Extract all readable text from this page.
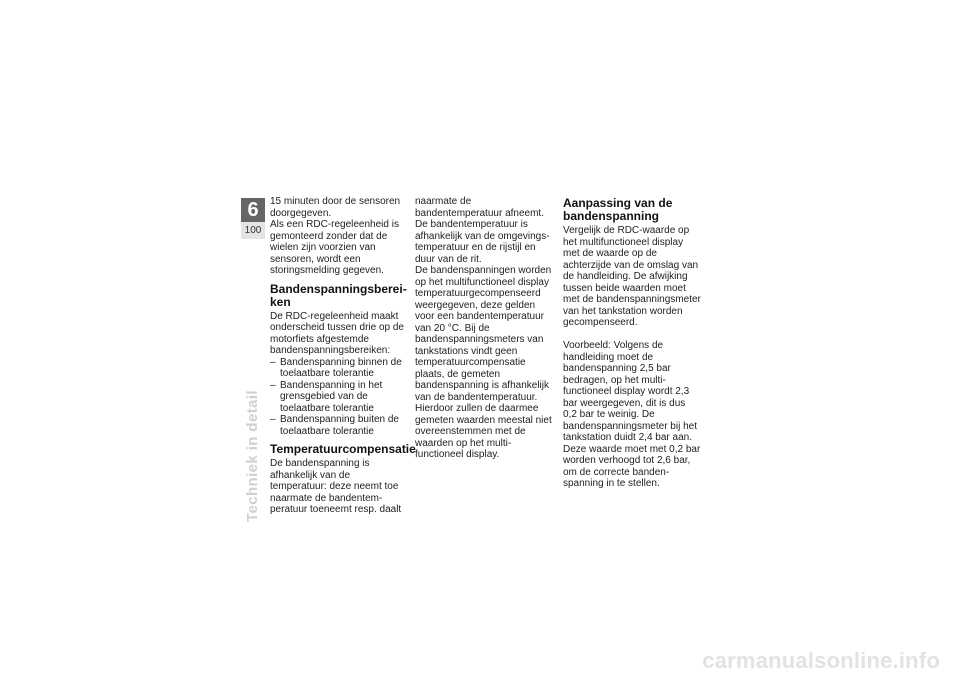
6
100
Techniek in detail

15 minuten door de sensoren doorgegeven.

Als een RDC-regeleenheid is gemonteerd zonder dat de wielen zijn voorzien van sensoren, wordt een storingsmelding gegeven.

Bandenspanningsbereiken

De RDC-regeleenheid maakt onderscheid tussen drie op de motorfiets afgestemde bandenspanningsbereiken:

– Bandenspanning binnen de toelaatbare tolerantie
– Bandenspanning in het grensgebied van de toelaatbare tolerantie
– Bandenspanning buiten de toelaatbare tolerantie
Temperatuurcompensatie

De bandenspanning is afhankelijk van de temperatuur: deze neemt toe naarmate de bandentemperatuur toeneemt resp. daalt

naarmate de bandentemperatuur afneemt. De bandentemperatuur is afhankelijk van de omgevingstemperatuur en de rijstijl en duur van de rit.

De bandenspanningen worden op het multifunctioneel display temperatuurgecompenseerd weergegeven, deze gelden voor een bandentemperatuur van 20 °C. Bij de bandenspanningsmeters van tankstations vindt geen temperatuurcompensatie plaats, de gemeten bandenspanning is afhankelijk van de bandentemperatuur. Hierdoor zullen de daarmee gemeten waarden meestal niet overeenstemmen met de waarden op het multifunctioneel display.

Aanpassing van de bandenspanning

Vergelijk de RDC-waarde op het multifunctioneel display met de waarde op de achterzijde van de omslag van de handleiding. De afwijking tussen beide waarden moet met de bandenspanningsmeter van het tankstation worden gecompenseerd.

Voorbeeld: Volgens de handleiding moet de bandenspanning 2,5 bar bedragen, op het multifunctioneel display wordt 2,3 bar weergegeven, dit is dus 0,2 bar te weinig. De bandenspanningsmeter bij het tankstation duidt 2,4 bar aan. Deze waarde moet met 0,2 bar worden verhoogd tot 2,6 bar, om de correcte bandenspanning in te stellen.

carmanualsonline.info
